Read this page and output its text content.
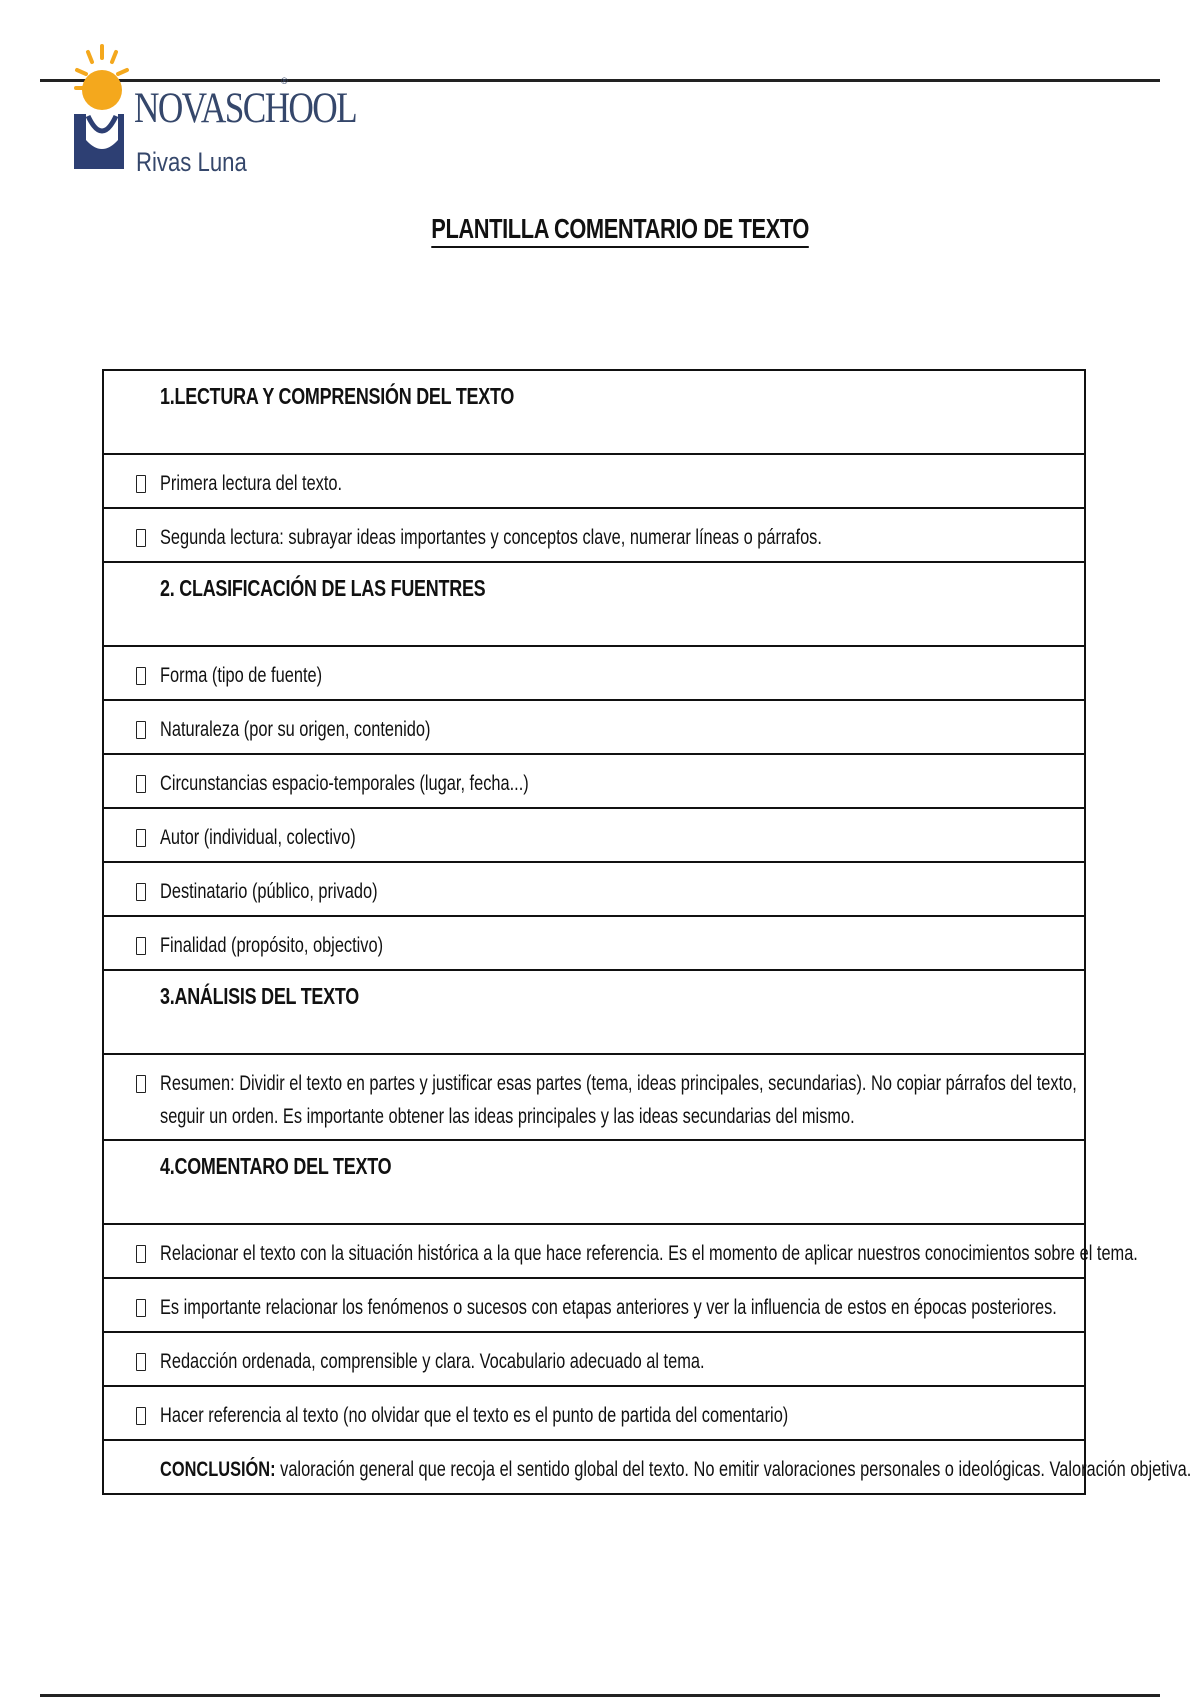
NOVASCHOOL
®
Rivas Luna
PLANTILLA COMENTARIO DE TEXTO
1.LECTURA Y COMPRENSIÓN DEL TEXTO
Primera lectura del texto.
Segunda lectura: subrayar ideas importantes y conceptos clave, numerar líneas o párrafos.
2. CLASIFICACIÓN DE LAS FUENTRES
Forma (tipo de fuente)
Naturaleza (por su origen, contenido)
Circunstancias espacio-temporales (lugar, fecha...)
Autor (individual, colectivo)
Destinatario (público, privado)
Finalidad (propósito, objectivo)
3.ANÁLISIS DEL TEXTO
Resumen: Dividir el texto en partes y justificar esas partes (tema, ideas principales, secundarias). No copiar párrafos del texto, seguir un orden. Es importante obtener las ideas principales y las ideas secundarias del mismo.
4.COMENTARO DEL TEXTO
Relacionar el texto con la situación histórica a la que hace referencia. Es el momento de aplicar nuestros conocimientos sobre el tema.
Es importante relacionar los fenómenos o sucesos con etapas anteriores y ver la influencia de estos en épocas posteriores.
Redacción ordenada, comprensible y clara. Vocabulario adecuado al tema.
Hacer referencia al texto (no olvidar que el texto es el punto de partida del comentario)
CONCLUSIÓN: valoración general que recoja el sentido global del texto. No emitir valoraciones personales o ideológicas. Valoración objetiva.
